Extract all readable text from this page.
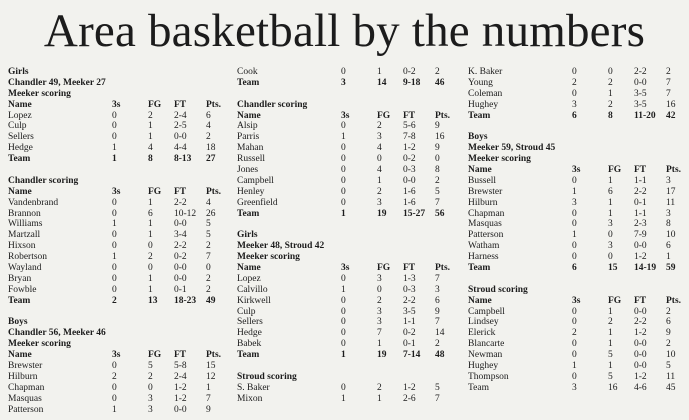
Area basketball by the numbers
Girls
Chandler 49, Meeker 27
Meeker scoring
Name	3s	FG FT Pts.
Lopez	0	2 2-4 6
Culp	0	1 2-5 4
Sellers	0	1 0-0 2
Hedge	1	4 4-4 18
Team	1	8 8-13 27
Chandler scoring
Name	3s	FG FT Pts.
Vandenbrand	0	1 2-2 4
Brannon	0	6 10-12 26
Williams	1	1 0-0 5
Martzall	0	1 3-4 5
Hixson	0	0 2-2 2
Robertson	1	2 0-2 7
Wayland	0	0 0-0 0
Bryan	0	1 0-0 2
Fowble	0	1 0-1 2
Team	2	13 18-23 49
Boys
Chandler 56, Meeker 46
Meeker scoring
Name	3s	FG FT Pts.
Brewster	0	5 5-8 15
Hilburn	2	2 2-4 12
Chapman	0	0 1-2 1
Masquas	0	3 1-2 7
Patterson	1	3 0-0 9
Cook	0	1 0-2 2
Team	3	14 9-18 46
Chandler scoring
Name	3s	FG FT Pts.
Alsip	0	2 5-6 9
Parris	1	3 7-8 16
Mahan	0	4 1-2 9
Russell	0	0 0-2 0
Jones	0	4 0-3 8
Campbell	0	1 0-0 2
Henley	0	2 1-6 5
Greenfield	0	3 1-6 7
Team	1	19 15-27 56
Girls
Meeker 48, Stroud 42
Meeker scoring
Name	3s	FG FT Pts.
Lopez	0	3 1-3 7
Calvillo	1	0 0-3 3
Kirkwell	0	2 2-2 6
Culp	0	3 3-5 9
Sellers	0	3 1-1 7
Hedge	0	7 0-2 14
Babek	0	1 0-1 2
Team	1	19 7-14 48
Stroud scoring
S. Baker	0	2 1-2 5
Mixon	1	1 2-6 7
K. Baker	0	0 2-2 2
Young	2	2 0-0 7
Coleman	0	1 3-5 7
Hughey	3	2 3-5 16
Team	6	8 11-20 42
Boys
Meeker 59, Stroud 45
Meeker scoring
Name	3s	FG FT Pts.
Bussell	0	1 1-1 3
Brewster	1	6 2-2 17
Hilburn	3	1 0-1 11
Chapman	0	1 1-1 3
Masquas	0	3 2-3 8
Patterson	1	0 7-9 10
Watham	0	3 0-0 6
Harness	0	0 1-2 1
Team	6	15 14-19 59
Stroud scoring
Name	3s	FG FT Pts.
Campbell	0	1 0-0 2
Lindsey	0	2 2-2 6
Elerick	2	1 1-2 9
Blancarte	0	1 0-0 2
Newman	0	5 0-0 10
Hughey	1	1 0-0 5
Thompson	0	5 1-2 11
Team	3	16 4-6 45
